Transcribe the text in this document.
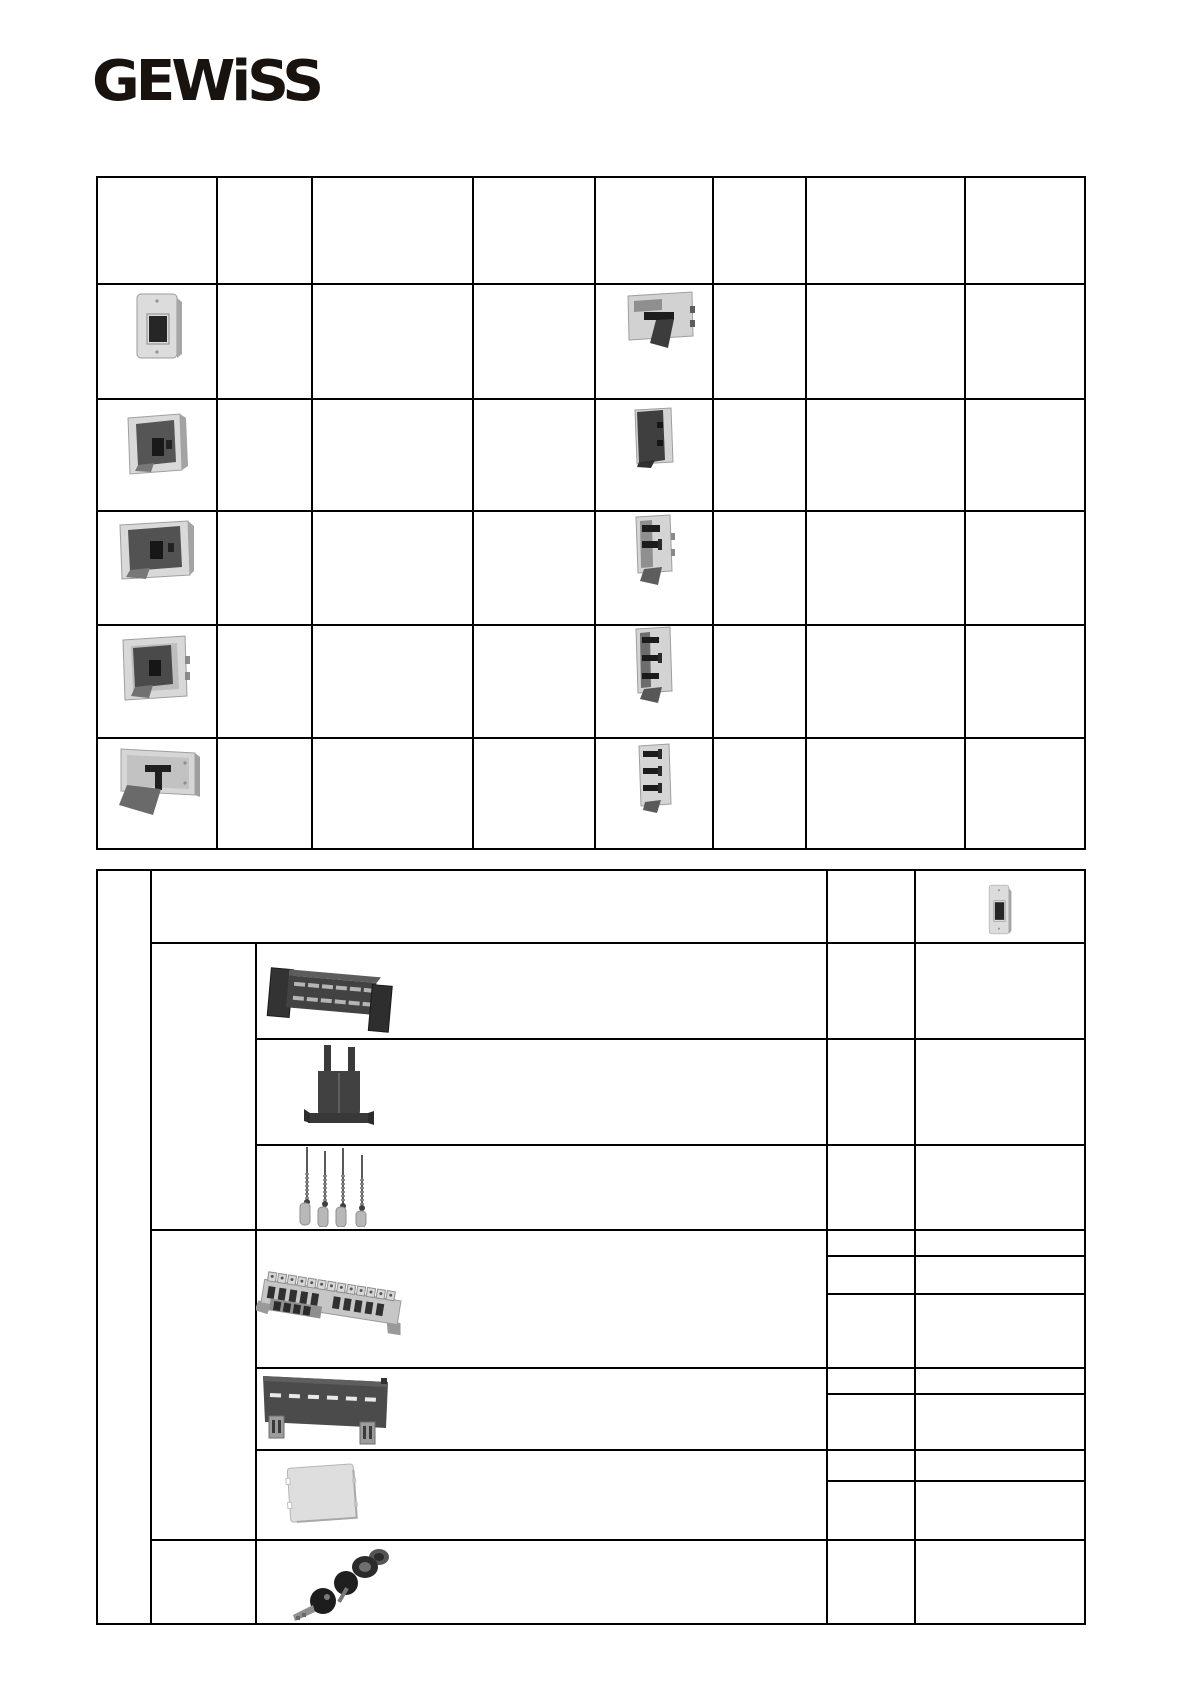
GEWiSS
